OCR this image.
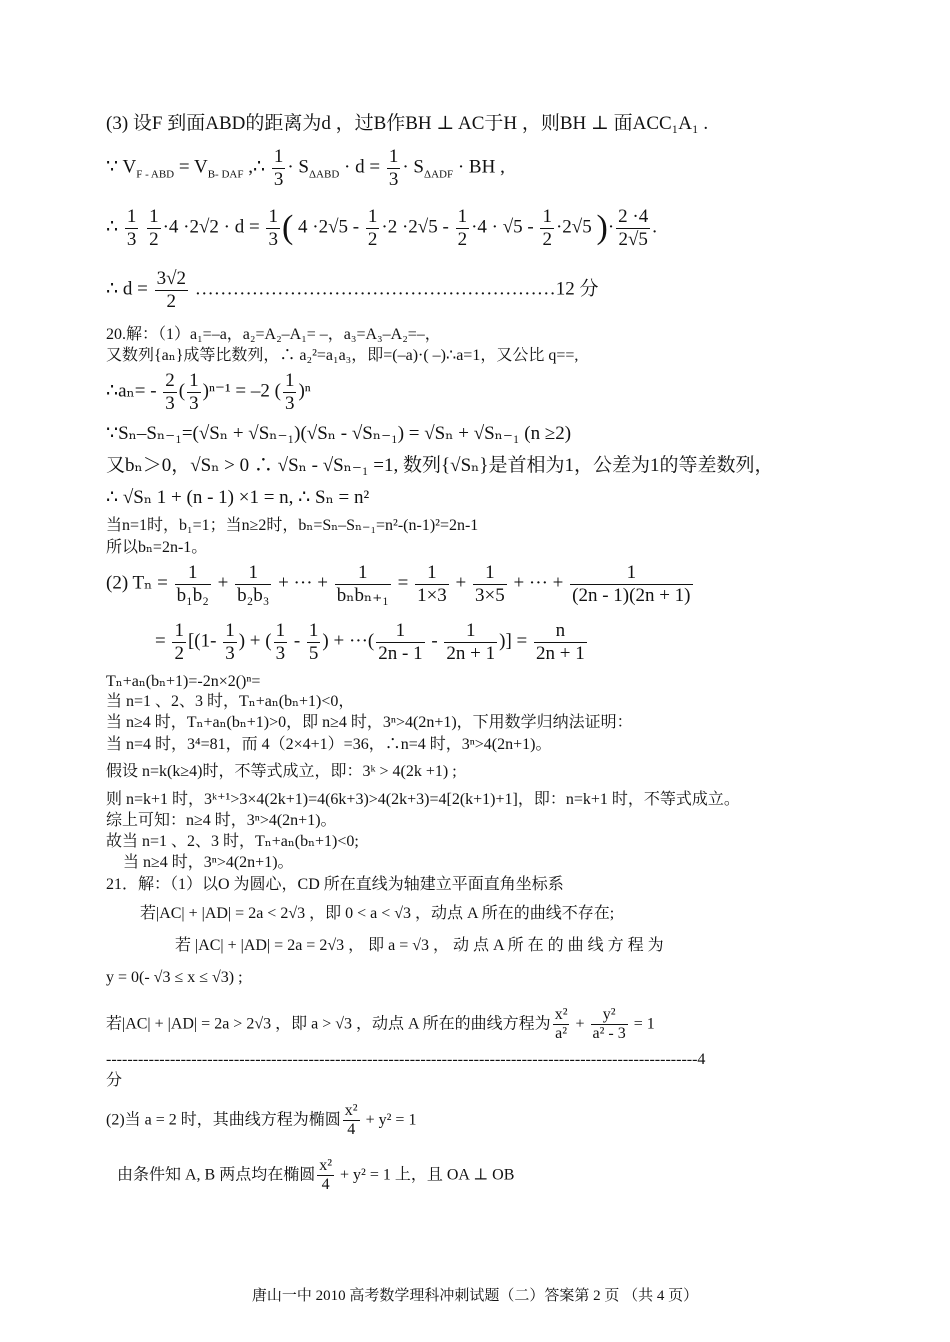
(3) 设F 到面ABD的距离为d ，过B作BH ⊥ AC于H ，则BH ⊥ 面ACC₁A₁ .
∵ $V_{F - ABD} = V_{B- DAF}$ ,∴ $\frac{1}{3} \cdot S_{\Delta ABD} \cdot d = \frac{1}{3} \cdot S_{\Delta ADF}$ · BH ,
∴ $\frac{1}{3}$
$\frac{1}{2} \cdot 4 \cdot 2√2 \cdot d = \frac{1}{3}$ ( $4 \cdot 2√5 - \frac{1}{2} \cdot 2 \cdot 2√5 - \frac{1}{2} \cdot 4 \cdot √5 - \frac{1}{2} \cdot 2√5$ )· $\frac{2 \cdot 4}{2√5}$ .
∴ $d = \frac{3√2}{2}$ …………………………………………………12 分
20.解：（1）a₁=–a，a₂=A₂–A₁= –，a₃=A₃–A₂=–，
又数列{aₙ}成等比数列，∴ a₂²=a₁a₃，即=(–a)·( –)∴a=1，又公比 q==,
∴aₙ= - $\frac{2}{3}$ ( $\frac{1}{3} )^{n-1} = -2$ ( $\frac{1}{3} )^n$
∵Sₙ–Sₙ₋₁=(√Sₙ + √Sₙ₋₁)(√Sₙ - √Sₙ₋₁) = √Sₙ + √Sₙ₋₁ (n ≥2)
又bₙ＞0，√Sₙ > 0 ∴ √Sₙ - √Sₙ₋₁ =1, 数列{√Sₙ}是首相为1，公差为1的等差数列，
∴ √Sₙ 1 + (n - 1) ×1 = n, ∴ Sₙ = n²
当n=1时，b₁=1；当n≥2时，bₙ=Sₙ–Sₙ₋₁=n²-(n-1)²=2n-1
所以bₙ=2n-1。
(2) $T_n = \frac{1}{\text{b₁b₂}} + \frac{1}{\text{b₂b₃}}$ + ··· + $\frac{1}{\text{bₙbₙ₊₁}} = \frac{1}{1\times 3} + \frac{1}{3\times 5}$ + ··· + $\frac{1}{(2n - 1)(2n + 1)}$
= $\frac{1}{2} [(1- \frac{1}{3}$ ) + ( $\frac{1}{3} - \frac{1}{5}$ ) + ···( $\frac{1}{2n - 1} - \frac{1}{2n + 1}$ )] = $\frac{n}{2n + 1}$
Tₙ+aₙ(bₙ+1)=-2n×2()ⁿ=
当 n=1 、2、3 时，Tₙ+aₙ(bₙ+1)<0，
当 n≥4 时，Tₙ+aₙ(bₙ+1)>0，即 n≥4 时，3ⁿ>4(2n+1)，下用数学归纳法证明：
当 n=4 时，3⁴=81，而 4（2×4+1）=36，∴n=4 时，3ⁿ>4(2n+1)。
假设 n=k(k≥4)时，不等式成立，即：3ᵏ > 4(2k +1) ;
则 n=k+1 时，3ᵏ⁺¹>3×4(2k+1)=4(6k+3)>4(2k+3)=4[2(k+1)+1]，即：n=k+1 时，不等式成立。
综上可知：n≥4 时，3ⁿ>4(2n+1)。
故当 n=1 、2、3 时，Tₙ+aₙ(bₙ+1)<0;
当 n≥4 时，3ⁿ>4(2n+1)。
21．解：（1）以O 为圆心，CD 所在直线为轴建立平面直角坐标系
若|AC| + |AD| = 2a < 2√3 ，即 0 < a < √3 ，动点 A 所在的曲线不存在;
若 |AC| + |AD| = 2a = 2√3 ， 即 a = √3 ， 动 点 A 所 在 的 曲 线 方 程 为
y = 0(- √3 ≤ x ≤ √3) ;
若|AC| + |AD| = 2a > 2√3 ，即 a > √3 ，动点 A 所在的曲线方程为 $\frac{\text{x²}}{\text{a²}} + \frac{\text{y²}}{\text{a² - 3}} = 1$
---------------------------------------------------------------------------------------------------------------4
分
(2)当 a = 2 时，其曲线方程为椭圆 $\frac{\text{x²}}{4} + y^2 = 1$
由条件知 A, B 两点均在椭圆 $\frac{\text{x²}}{4} + y^2 = 1$ 上，且 OA ⊥ OB
唐山一中 2010 高考数学理科冲刺试题（二）答案第 2 页 （共 4 页）
